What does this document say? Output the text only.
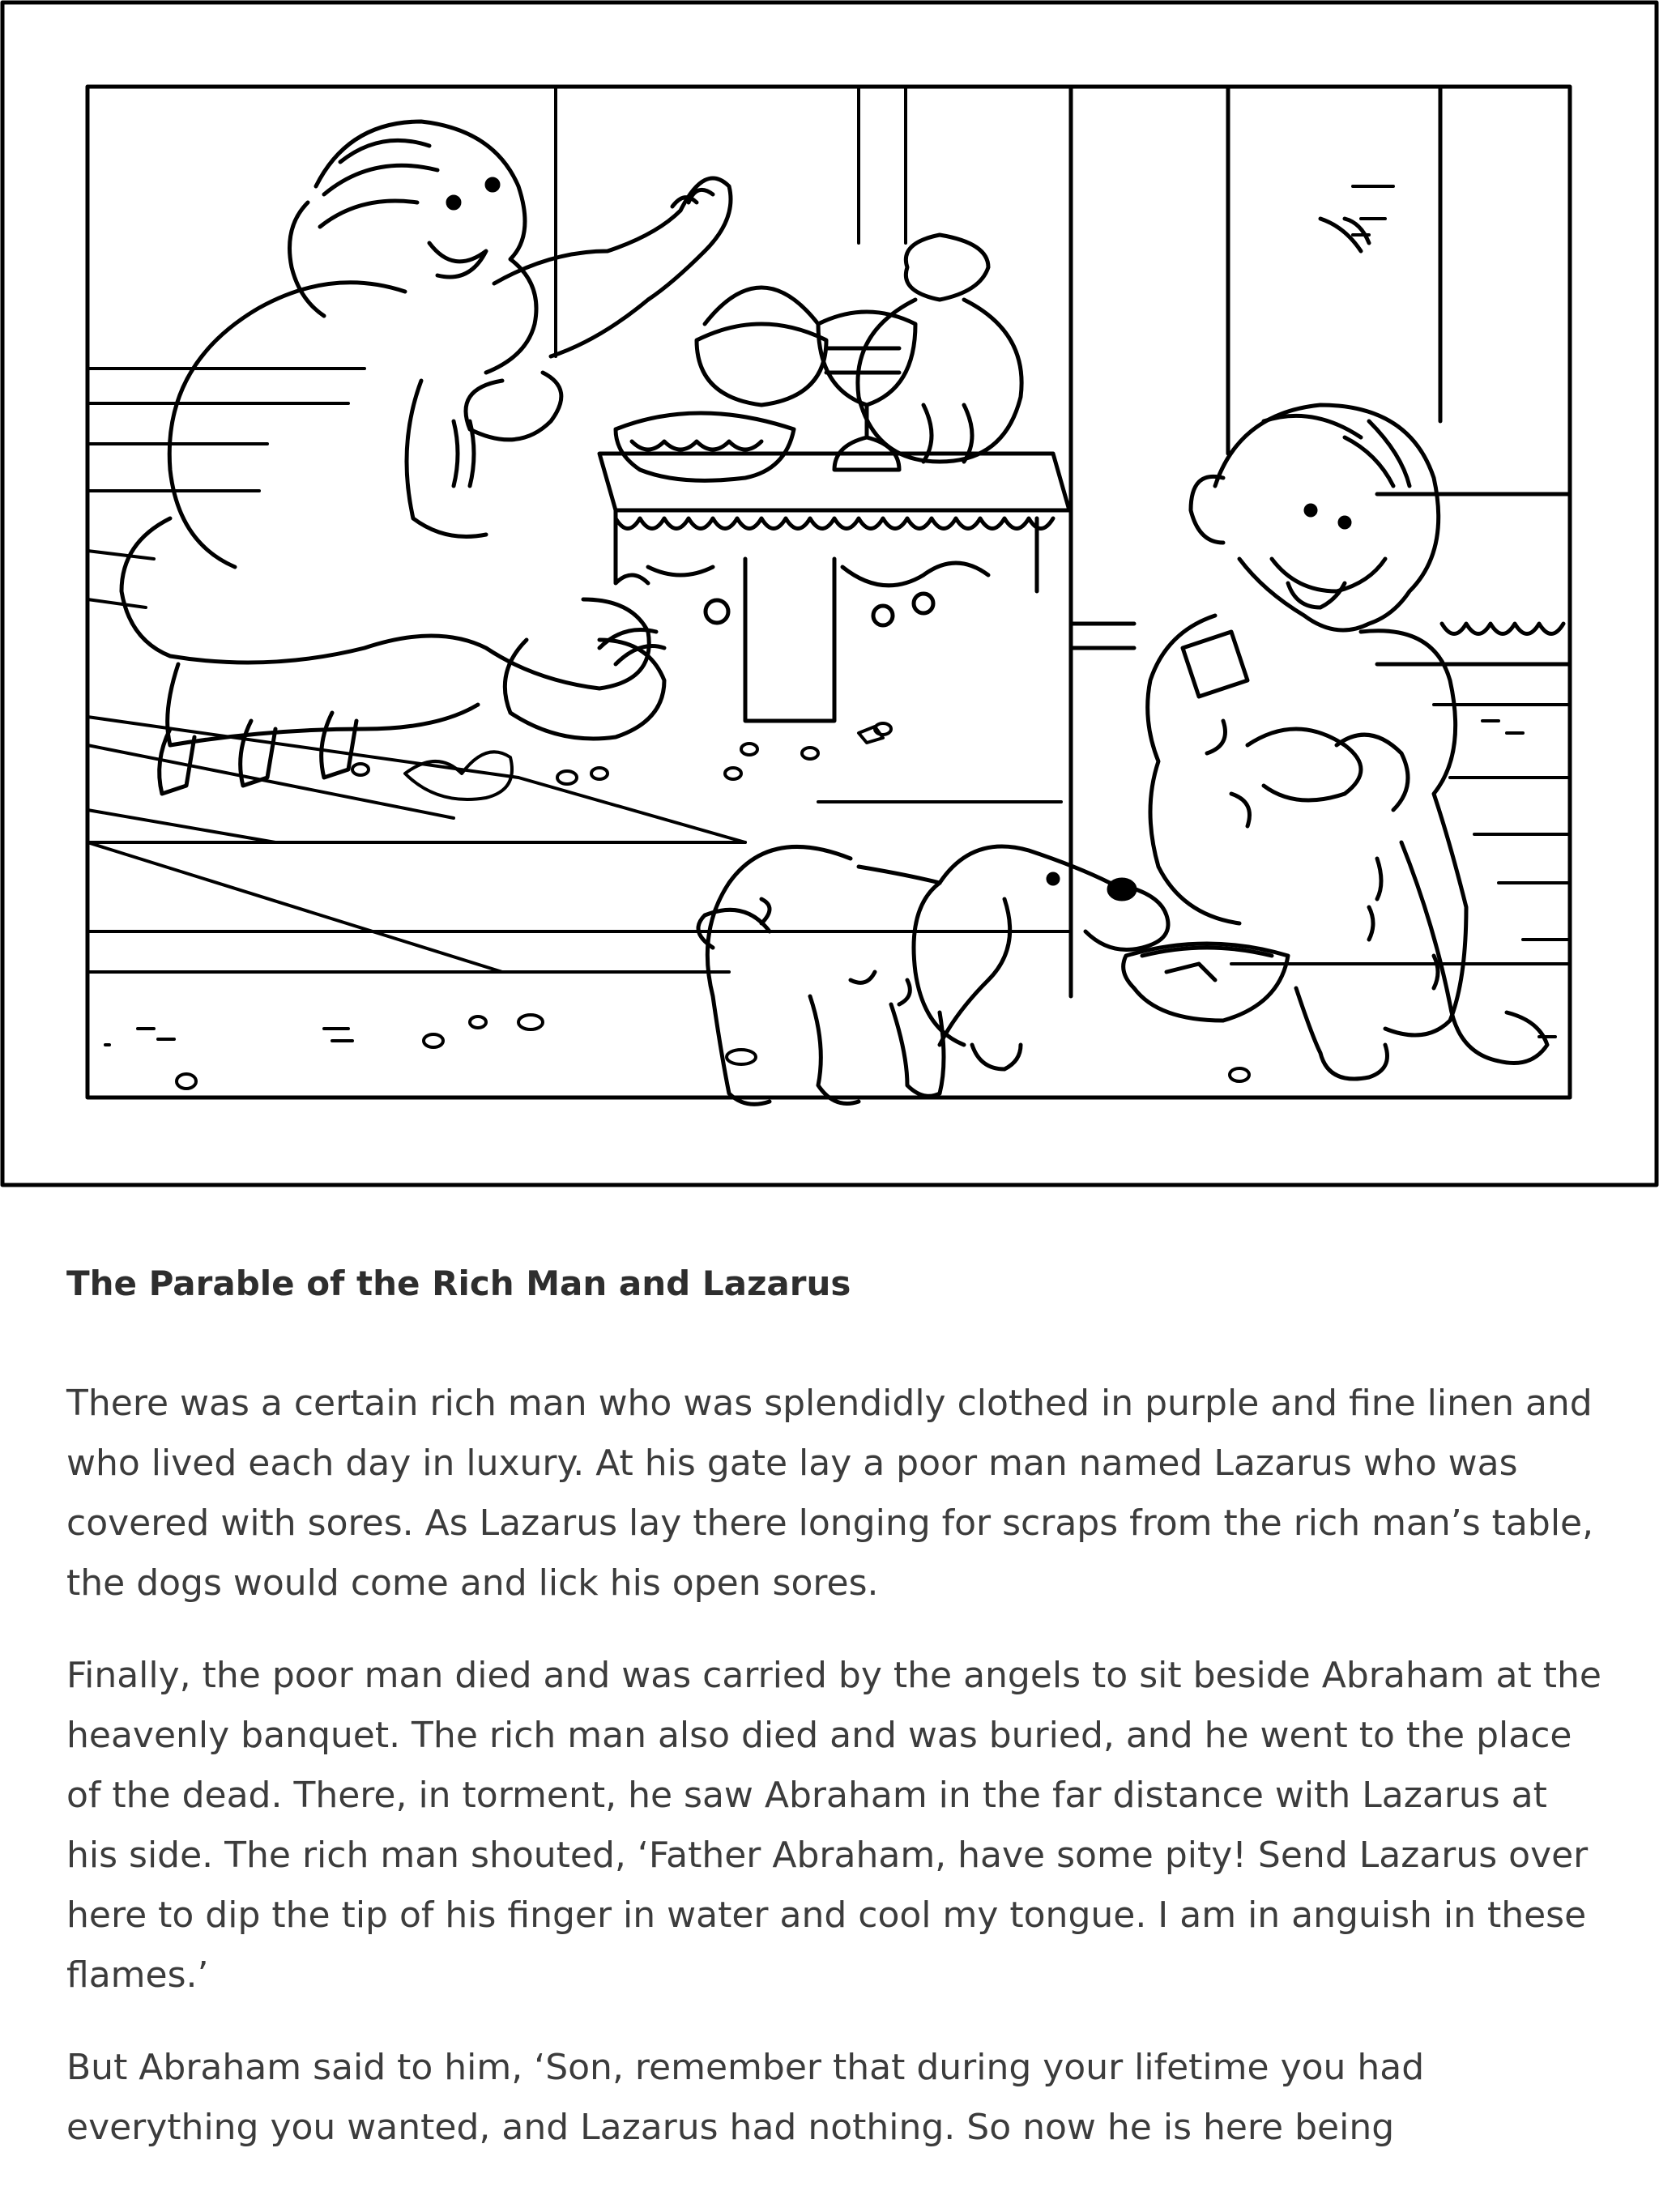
The Parable of the Rich Man and Lazarus

There was a certain rich man who was splendidly clothed in purple and fine linen and who lived each day in luxury. At his gate lay a poor man named Lazarus who was covered with sores. As Lazarus lay there longing for scraps from the rich man’s table, the dogs would come and lick his open sores.

Finally, the poor man died and was carried by the angels to sit beside Abraham at the heavenly banquet. The rich man also died and was buried, and he went to the place of the dead. There, in torment, he saw Abraham in the far distance with Lazarus at his side. The rich man shouted, ‘Father Abraham, have some pity! Send Lazarus over here to dip the tip of his finger in water and cool my tongue. I am in anguish in these flames.’

But Abraham said to him, ‘Son, remember that during your lifetime you had everything you wanted, and Lazarus had nothing. So now he is here being
